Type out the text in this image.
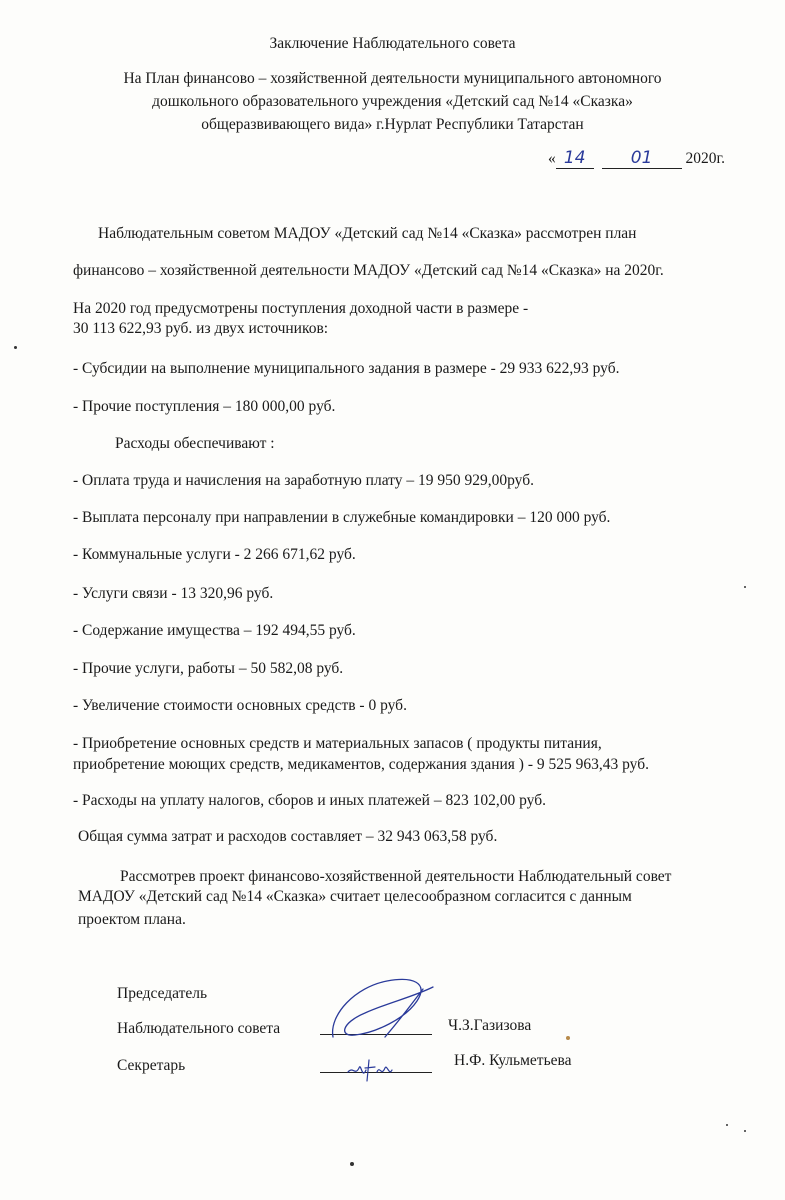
Заключение Наблюдательного совета
На План финансово – хозяйственной деятельности муниципального автономного
дошкольного образовательного учреждения «Детский сад №14 «Сказка»
общеразвивающего вида» г.Нурлат Республики Татарстан
« 14	01 2020г.
Наблюдательным советом МАДОУ «Детский сад №14 «Сказка» рассмотрен план
финансово – хозяйственной деятельности МАДОУ «Детский сад №14 «Сказка» на 2020г.
На 2020 год предусмотрены поступления доходной части в размере -
30 113 622,93 руб. из двух источников:
- Субсидии на выполнение муниципального задания в размере - 29 933 622,93 руб.
- Прочие поступления – 180 000,00 руб.
Расходы обеспечивают :
- Оплата труда и начисления на заработную плату – 19 950 929,00руб.
- Выплата персоналу при направлении в служебные командировки – 120 000 руб.
- Коммунальные услуги - 2 266 671,62 руб.
- Услуги связи - 13 320,96 руб.
- Содержание имущества – 192 494,55 руб.
- Прочие услуги, работы – 50 582,08 руб.
- Увеличение стоимости основных средств - 0 руб.
- Приобретение основных средств и материальных запасов ( продукты питания,
приобретение моющих средств, медикаментов, содержания здания ) - 9 525 963,43 руб.
- Расходы на уплату налогов, сборов и иных платежей – 823 102,00 руб.
Общая сумма затрат и расходов составляет – 32 943 063,58 руб.
Рассмотрев проект финансово-хозяйственной деятельности Наблюдательный совет
МАДОУ «Детский сад №14 «Сказка» считает целесообразном согласится с данным
проектом плана.
Председатель
Наблюдательного совета	Ч.З.Газизова
Секретарь	Н.Ф. Кульметьева
